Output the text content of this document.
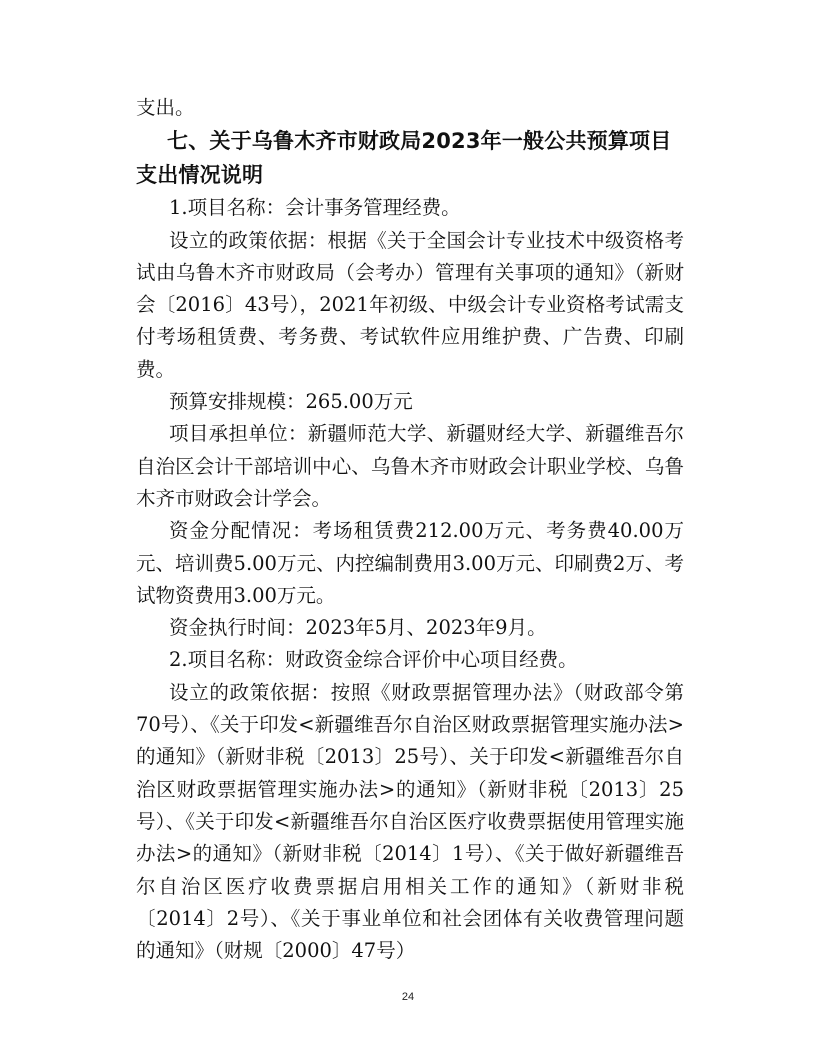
支出。

七、关于乌鲁木齐市财政局2023年一般公共预算项目支出情况说明

1.项目名称：会计事务管理经费。

设立的政策依据：根据《关于全国会计专业技术中级资格考试由乌鲁木齐市财政局（会考办）管理有关事项的通知》（新财会〔2016〕43号），2021年初级、中级会计专业资格考试需支付考场租赁费、考务费、考试软件应用维护费、广告费、印刷费。

预算安排规模：265.00万元

项目承担单位：新疆师范大学、新疆财经大学、新疆维吾尔自治区会计干部培训中心、乌鲁木齐市财政会计职业学校、乌鲁木齐市财政会计学会。

资金分配情况：考场租赁费212.00万元、考务费40.00万元、培训费5.00万元、内控编制费用3.00万元、印刷费2万、考试物资费用3.00万元。

资金执行时间：2023年5月、2023年9月。

2.项目名称：财政资金综合评价中心项目经费。

设立的政策依据：按照《财政票据管理办法》（财政部令第70号）、《关于印发<新疆维吾尔自治区财政票据管理实施办法>的通知》（新财非税〔2013〕25号）、关于印发<新疆维吾尔自治区财政票据管理实施办法>的通知》（新财非税〔2013〕25号）、《关于印发<新疆维吾尔自治区医疗收费票据使用管理实施办法>的通知》（新财非税〔2014〕1号）、《关于做好新疆维吾尔自治区医疗收费票据启用相关工作的通知》（新财非税〔2014〕2号）、《关于事业单位和社会团体有关收费管理问题的通知》（财规〔2000〕47号）

24
